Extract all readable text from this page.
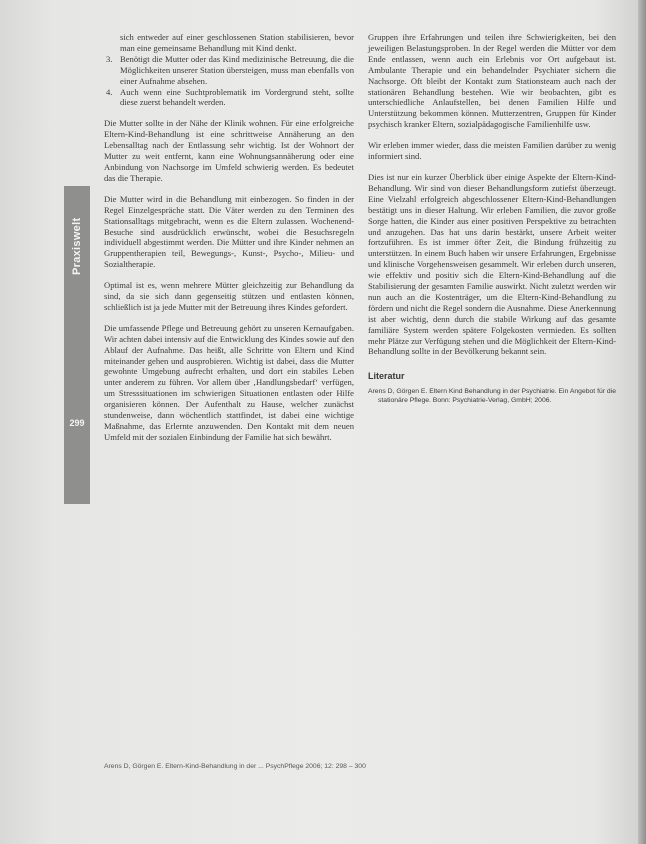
Praxiswelt
299
sich entweder auf einer geschlossenen Station stabilisieren, bevor man eine gemeinsame Behandlung mit Kind denkt.
3. Benötigt die Mutter oder das Kind medizinische Betreuung, die die Möglichkeiten unserer Station übersteigen, muss man ebenfalls von einer Aufnahme absehen.
4. Auch wenn eine Suchtproblematik im Vordergrund steht, sollte diese zuerst behandelt werden.

Die Mutter sollte in der Nähe der Klinik wohnen. Für eine erfolgreiche Eltern-Kind-Behandlung ist eine schrittweise Annäherung an den Lebensalltag nach der Entlassung sehr wichtig. Ist der Wohnort der Mutter zu weit entfernt, kann eine Wohnungsannäherung oder eine Anbindung von Nachsorge im Umfeld schwierig werden. Es bedeutet das die Therapie.

Die Mutter wird in die Behandlung mit einbezogen. So finden in der Regel Einzelgespräche statt. Die Väter werden zu den Terminen des Stationsalltags mitgebracht, wenn es die Eltern zulassen. Wochenend-Besuche sind ausdrücklich erwünscht, wobei die Besuchsregeln individuell abgestimmt werden. Die Mütter und ihre Kinder nehmen an Gruppentherapien teil, Bewegungs-, Kunst-, Psycho-, Milieu- und Sozialtherapie.

Optimal ist es, wenn mehrere Mütter gleichzeitig zur Behandlung da sind, da sie sich dann gegenseitig stützen und entlasten können, schließlich ist ja jede Mutter mit der Betreuung ihres Kindes gefordert.

Die umfassende Pflege und Betreuung gehört zu unseren Kernaufgaben. Wir achten dabei intensiv auf die Entwicklung des Kindes sowie auf den Ablauf der Aufnahme. Das heißt, alle Schritte von Eltern und Kind miteinander gehen und ausprobieren. Wichtig ist dabei, dass die Mutter gewohnte Umgebung aufrecht erhalten, und dort ein stabiles Leben unter anderem zu führen. Vor allem über ‚Handlungsbedarf‘ verfügen, um Stresssituationen im schwierigen Situationen entlasten oder Hilfe organisieren können. Der Aufenthalt zu Hause, welcher zunächst stundenweise, dann wöchentlich stattfindet, ist dabei eine wichtige Maßnahme, das Erlernte anzuwenden. Den Kontakt mit dem neuen Umfeld mit der sozialen Einbindung der Familie hat sich bewährt.

Gruppen ihre Erfahrungen und teilen ihre Schwierigkeiten, bei den jeweiligen Belastungsproben. In der Regel werden die Mütter vor dem Ende entlassen, wenn auch ein Erlebnis vor Ort aufgebaut ist. Ambulante Therapie und ein behandelnder Psychiater sichern die Nachsorge. Oft bleibt der Kontakt zum Stationsteam auch nach der stationären Behandlung bestehen. Wie wir beobachten, gibt es unterschiedliche Anlaufstellen, bei denen Familien Hilfe und Unterstützung bekommen können. Mutterzentren, Gruppen für Kinder psychisch kranker Eltern, sozialpädagogische Familienhilfe usw.

Wir erleben immer wieder, dass die meisten Familien darüber zu wenig informiert sind.

Dies ist nur ein kurzer Überblick über einige Aspekte der Eltern-Kind-Behandlung. Wir sind von dieser Behandlungsform zutiefst überzeugt. Eine Vielzahl erfolgreich abgeschlossener Eltern-Kind-Behandlungen bestätigt uns in dieser Haltung. Wir erleben Familien, die zuvor große Sorge hatten, die Kinder aus einer positiven Perspektive zu betrachten und anzugehen. Das hat uns darin bestärkt, unsere Arbeit weiter fortzuführen. Es ist immer öfter Zeit, die Bindung frühzeitig zu unterstützen. In einem Buch haben wir unsere Erfahrungen, Ergebnisse und klinische Vorgehensweisen gesammelt. Wir erleben durch unseren, wie effektiv und positiv sich die Eltern-Kind-Behandlung auf die Stabilisierung der gesamten Familie auswirkt. Nicht zuletzt werden wir nun auch an die Kostenträger, um die Eltern-Kind-Behandlung zu fördern und nicht die Regel sondern die Ausnahme. Diese Anerkennung ist aber wichtig, denn durch die stabile Wirkung auf das gesamte familiäre System werden spätere Folgekosten vermieden. Es sollten mehr Plätze zur Verfügung stehen und die Möglichkeit der Eltern-Kind-Behandlung sollte in der Bevölkerung bekannt sein.

Literatur
Arens D, Görgen E. Eltern Kind Behandlung in der Psychiatrie. Ein Angebot für die stationäre Pflege. Bonn: Psychiatrie-Verlag, GmbH; 2006.
Arens D, Görgen E. Eltern-Kind-Behandlung in der ... PsychPflege 2006; 12: 298 – 300
